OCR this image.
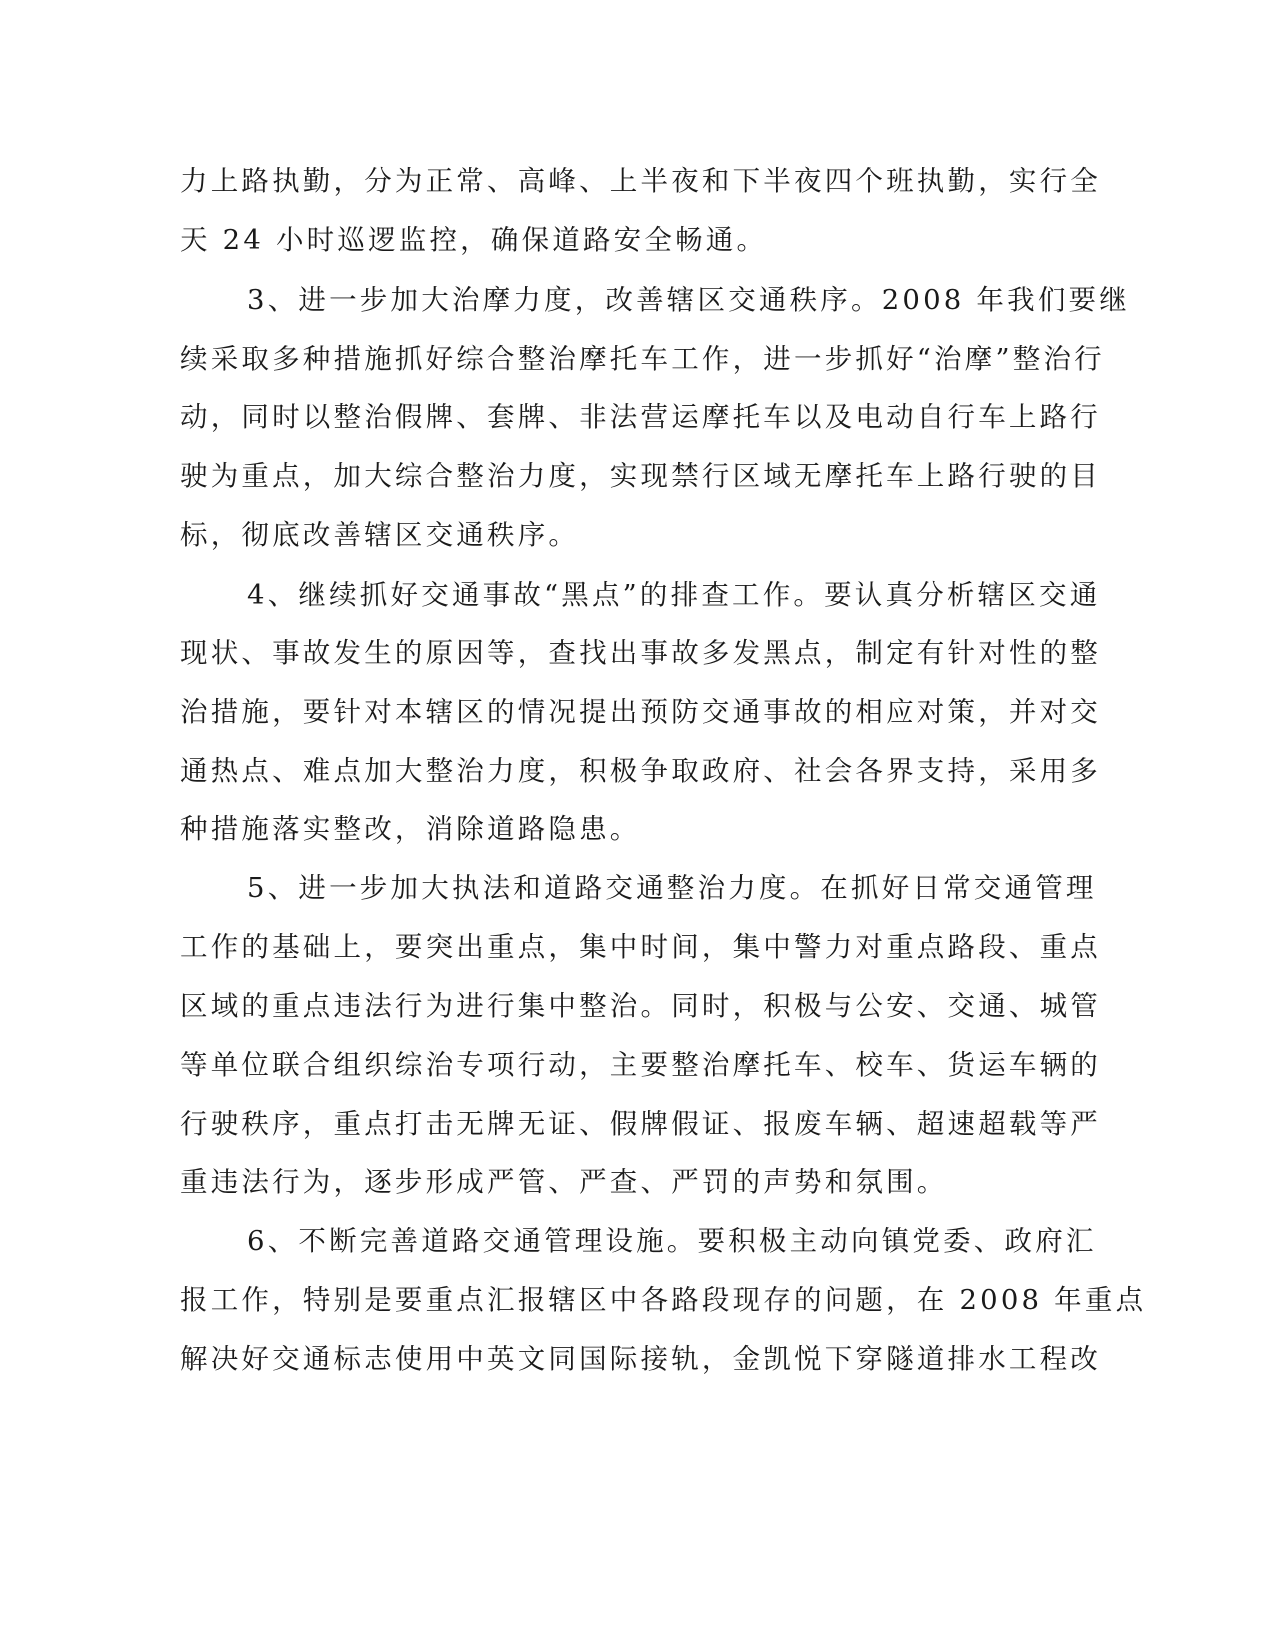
力上路执勤，分为正常、高峰、上半夜和下半夜四个班执勤，实行全
天 24 小时巡逻监控，确保道路安全畅通。
3、进一步加大治摩力度，改善辖区交通秩序。2008 年我们要继
续采取多种措施抓好综合整治摩托车工作，进一步抓好“治摩”整治行
动，同时以整治假牌、套牌、非法营运摩托车以及电动自行车上路行
驶为重点，加大综合整治力度，实现禁行区域无摩托车上路行驶的目
标，彻底改善辖区交通秩序。
4、继续抓好交通事故“黑点”的排查工作。要认真分析辖区交通
现状、事故发生的原因等，查找出事故多发黑点，制定有针对性的整
治措施，要针对本辖区的情况提出预防交通事故的相应对策，并对交
通热点、难点加大整治力度，积极争取政府、社会各界支持，采用多
种措施落实整改，消除道路隐患。
5、进一步加大执法和道路交通整治力度。在抓好日常交通管理
工作的基础上，要突出重点，集中时间，集中警力对重点路段、重点
区域的重点违法行为进行集中整治。同时，积极与公安、交通、城管
等单位联合组织综治专项行动，主要整治摩托车、校车、货运车辆的
行驶秩序，重点打击无牌无证、假牌假证、报废车辆、超速超载等严
重违法行为，逐步形成严管、严查、严罚的声势和氛围。
6、不断完善道路交通管理设施。要积极主动向镇党委、政府汇
报工作，特别是要重点汇报辖区中各路段现存的问题，在 2008 年重点
解决好交通标志使用中英文同国际接轨，金凯悦下穿隧道排水工程改
